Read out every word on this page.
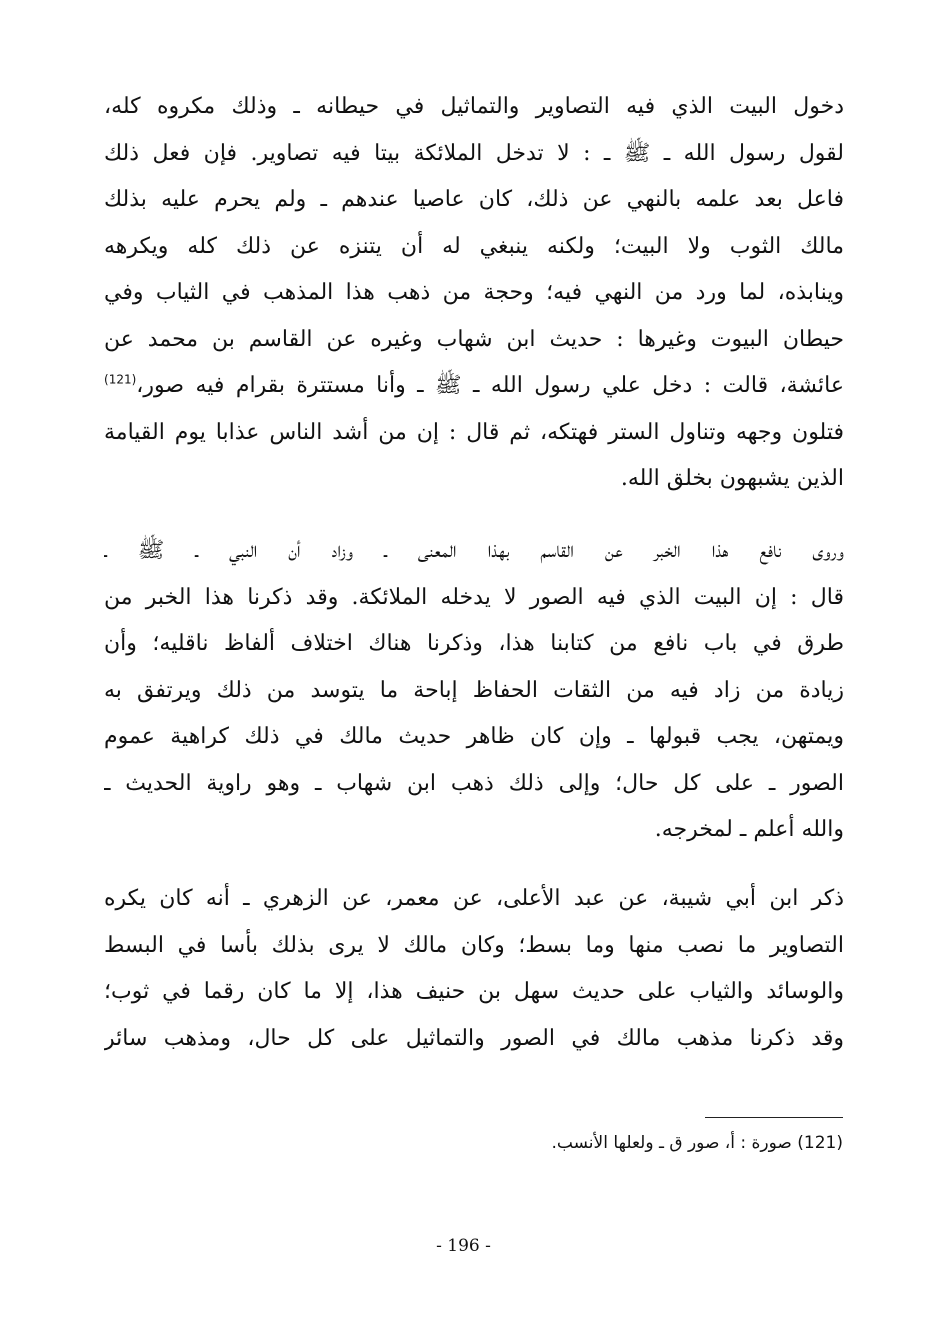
دخول البيت الذي فيه التصاوير والتماثيل في حيطانه ـ وذلك مكروه كله،
لقول رسول الله ـ ﷺ ـ : لا تدخل الملائكة بيتا فيه تصاوير. فإن فعل ذلك
فاعل بعد علمه بالنهي عن ذلك، كان عاصيا عندهم ـ ولم يحرم عليه بذلك
مالك الثوب ولا البيت؛ ولكنه ينبغي له أن يتنزه عن ذلك كله ويكرهه
وينابذه، لما ورد من النهي فيه؛ وحجة من ذهب هذا المذهب في الثياب وفي
حيطان البيوت وغيرها : حديث ابن شهاب وغيره عن القاسم بن محمد عن
عائشة، قالت : دخل علي رسول الله ـ ﷺ ـ وأنا مستترة بقرام فيه صور،$^{(121)}$
فتلون وجهه وتناول الستر فهتكه، ثم قال : إن من أشد الناس عذابا يوم القيامة
الذين يشبهون بخلق الله.
وروى نافع هذا الخبر عن القاسم بهذا المعنى ـ وزاد أن النبي ـ ﷺ ـ
قال : إن البيت الذي فيه الصور لا يدخله الملائكة. وقد ذكرنا هذا الخبر من
طرق في باب نافع من كتابنا هذا، وذكرنا هناك اختلاف ألفاظ ناقليه؛ وأن
زيادة من زاد فيه من الثقات الحفاظ إباحة ما يتوسد من ذلك ويرتفق به
ويمتهن، يجب قبولها ـ وإن كان ظاهر حديث مالك في ذلك كراهية عموم
الصور ـ على كل حال؛ وإلى ذلك ذهب ابن شهاب ـ وهو راوية الحديث ـ
والله أعلم ـ لمخرجه.
ذكر ابن أبي شيبة، عن عبد الأعلى، عن معمر، عن الزهري ـ أنه كان يكره
التصاوير ما نصب منها وما بسط؛ وكان مالك لا يرى بذلك بأسا في البسط
والوسائد والثياب على حديث سهل بن حنيف هذا، إلا ما كان رقما في ثوب؛
وقد ذكرنا مذهب مالك في الصور والتماثيل على كل حال، ومذهب سائر
(121) صورة : أ، صور ق ـ ولعلها الأنسب.
- 196 -
